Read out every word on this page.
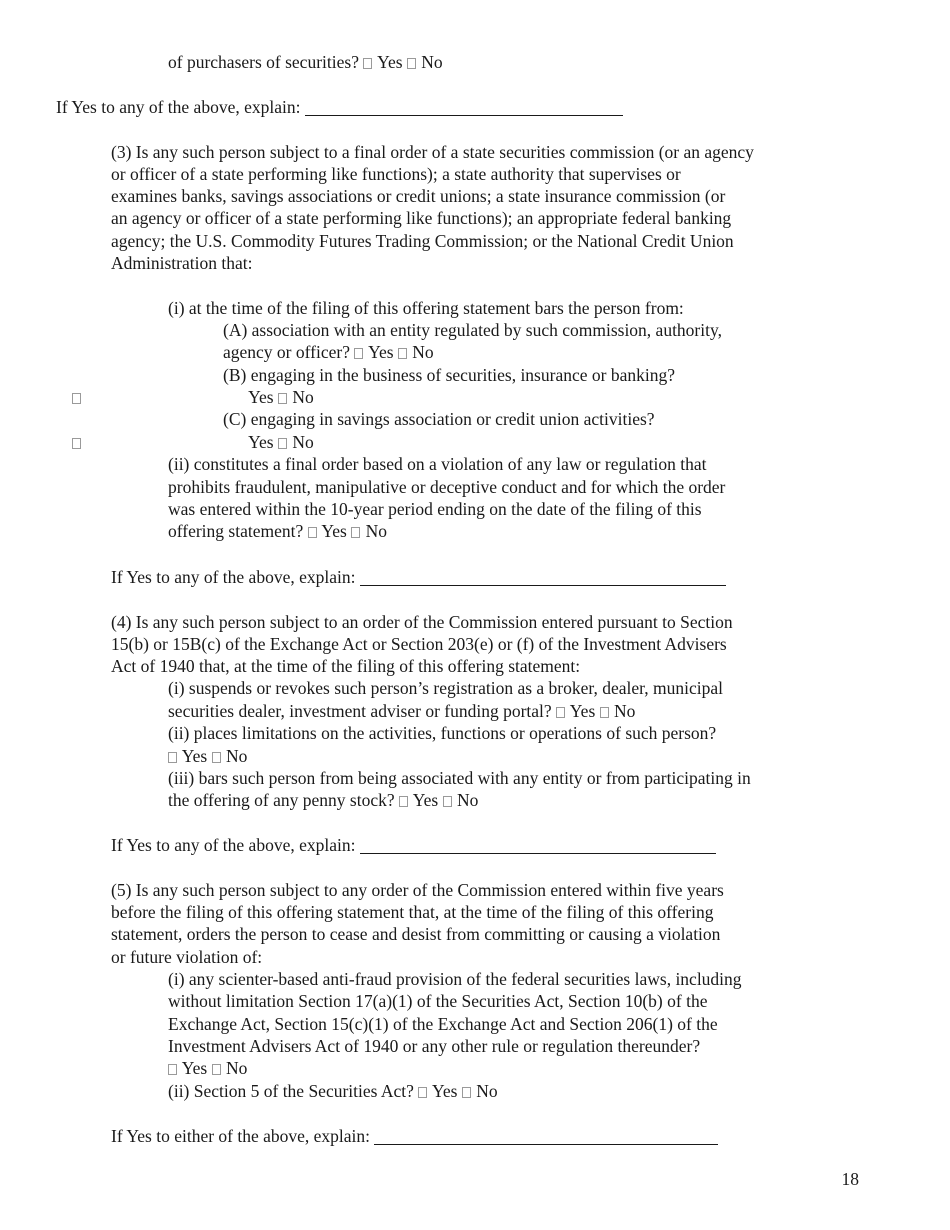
of purchasers of securities? Yes No
If Yes to any of the above, explain:
(3) Is any such person subject to a final order of a state securities commission (or an agency
or officer of a state performing like functions); a state authority that supervises or
examines banks, savings associations or credit unions; a state insurance commission (or
an agency or officer of a state performing like functions); an appropriate federal banking
agency; the U.S. Commodity Futures Trading Commission; or the National Credit Union
Administration that:
(i) at the time of the filing of this offering statement bars the person from:
(A) association with an entity regulated by such commission, authority,
agency or officer? Yes No
(B) engaging in the business of securities, insurance or banking?
Yes No
(C) engaging in savings association or credit union activities?
Yes No
(ii) constitutes a final order based on a violation of any law or regulation that
prohibits fraudulent, manipulative or deceptive conduct and for which the order
was entered within the 10-year period ending on the date of the filing of this
offering statement? Yes No
If Yes to any of the above, explain:
(4) Is any such person subject to an order of the Commission entered pursuant to Section
15(b) or 15B(c) of the Exchange Act or Section 203(e) or (f) of the Investment Advisers
Act of 1940 that, at the time of the filing of this offering statement:
(i) suspends or revokes such person’s registration as a broker, dealer, municipal
securities dealer, investment adviser or funding portal? Yes No
(ii) places limitations on the activities, functions or operations of such person?
Yes No
(iii) bars such person from being associated with any entity or from participating in
the offering of any penny stock? Yes No
If Yes to any of the above, explain:
(5) Is any such person subject to any order of the Commission entered within five years
before the filing of this offering statement that, at the time of the filing of this offering
statement, orders the person to cease and desist from committing or causing a violation
or future violation of:
(i) any scienter-based anti-fraud provision of the federal securities laws, including
without limitation Section 17(a)(1) of the Securities Act, Section 10(b) of the
Exchange Act, Section 15(c)(1) of the Exchange Act and Section 206(1) of the
Investment Advisers Act of 1940 or any other rule or regulation thereunder?
Yes No
(ii) Section 5 of the Securities Act? Yes No
If Yes to either of the above, explain:
18
